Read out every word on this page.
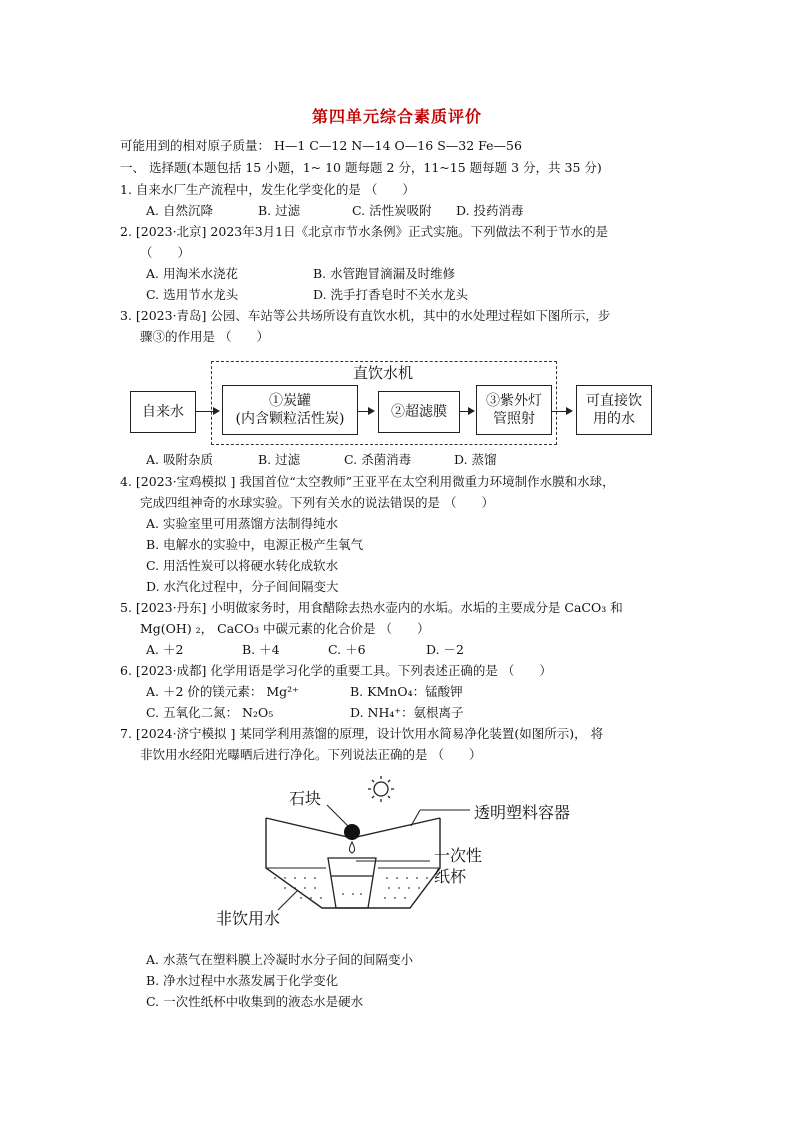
第四单元综合素质评价
可能用到的相对原子质量： H—1 C—12 N—14 O—16 S—32 Fe—56
一、 选择题(本题包括 15 小题，1~ 10 题每题 2 分，11~15 题每题 3 分，共 35 分)
1. 自来水厂生产流程中，发生化学变化的是 （　　）
A. 自然沉降	B. 过滤	C. 活性炭吸附 D. 投药消毒
2. [2023·北京] 2023年3月1日《北京市节水条例》正式实施。下列做法不利于节水的是
（　　）
A. 用淘米水浇花	B. 水管跑冒滴漏及时维修
C. 选用节水龙头	D. 洗手打香皂时不关水龙头
3. [2023·青岛] 公园、车站等公共场所设有直饮水机，其中的水处理过程如下图所示，步
骤③的作用是 （　　）
直饮水机
自来水
①炭罐
(内含颗粒活性炭)	②超滤膜
③紫外灯
管照射
可直接饮
用的水
A. 吸附杂质	B. 过滤	C. 杀菌消毒	D. 蒸馏
4. [2023·宝鸡模拟 ] 我国首位“太空教师”王亚平在太空利用微重力环境制作水膜和水球，
完成四组神奇的水球实验。下列有关水的说法错误的是 （　　）
A. 实验室里可用蒸馏方法制得纯水
B. 电解水的实验中，电源正极产生氧气
C. 用活性炭可以将硬水转化成软水
D. 水汽化过程中，分子间间隔变大
5. [2023·丹东] 小明做家务时，用食醋除去热水壶内的水垢。水垢的主要成分是 CaCO₃ 和
Mg(OH) ₂， CaCO₃ 中碳元素的化合价是 （　　）
A. ＋2	B. ＋4	C. ＋6	D. －2
6. [2023·成都] 化学用语是学习化学的重要工具。下列表述正确的是 （　　）
A. ＋2 价的镁元素： Mg²⁺	B. KMnO₄：锰酸钾
C. 五氧化二氮： N₂O₅	D. NH₄⁺：氨根离子
7. [2024·济宁模拟 ] 某同学利用蒸馏的原理，设计饮用水简易净化装置(如图所示)， 将
非饮用水经阳光曝晒后进行净化。下列说法正确的是 （　　）
石块
透明塑料容器
一次性
纸杯
非饮用水
A. 水蒸气在塑料膜上冷凝时水分子间的间隔变小
B. 净水过程中水蒸发属于化学变化
C. 一次性纸杯中收集到的液态水是硬水
